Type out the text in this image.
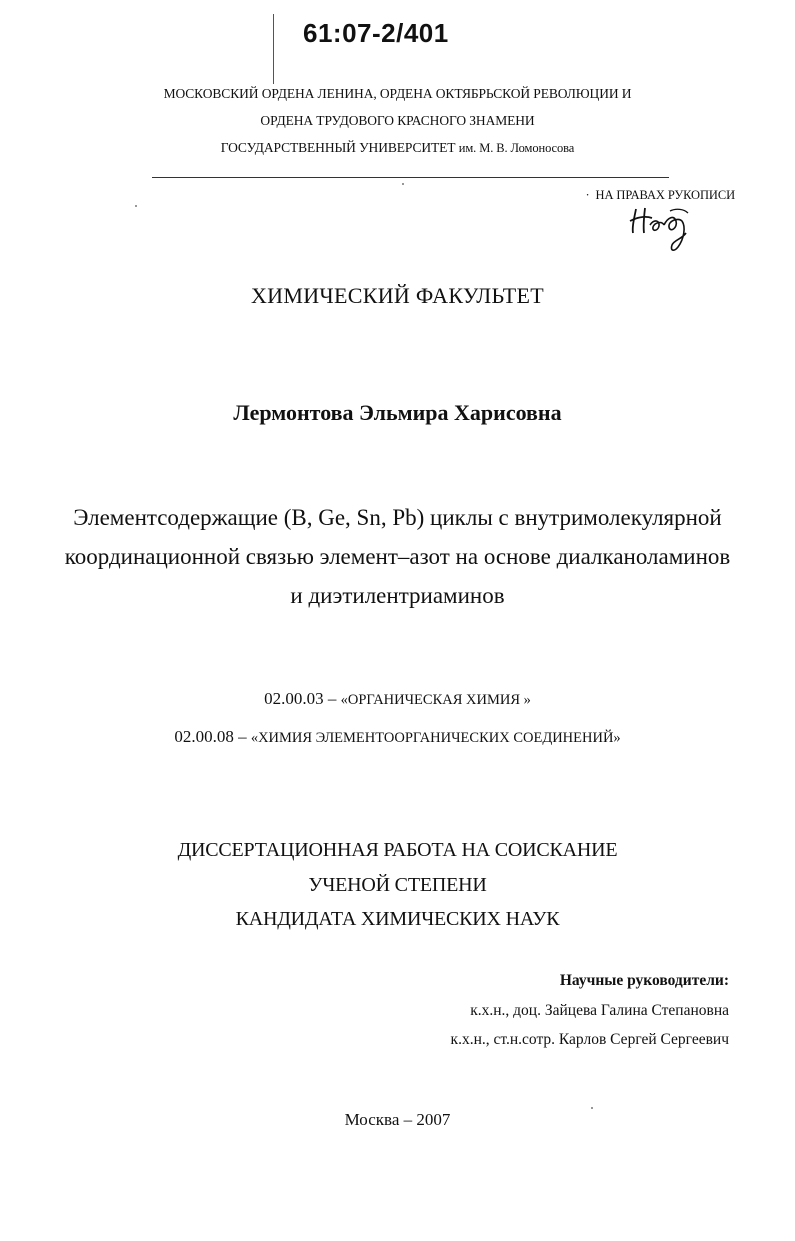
61:07-2/401
МОСКОВСКИЙ ОРДЕНА ЛЕНИНА, ОРДЕНА ОКТЯБРЬСКОЙ РЕВОЛЮЦИИ И
ОРДЕНА ТРУДОВОГО КРАСНОГО ЗНАМЕНИ
ГОСУДАРСТВЕННЫЙ УНИВЕРСИТЕТ им. М. В. Ломоносова
· НА ПРАВАХ РУКОПИСИ
ХИМИЧЕСКИЙ ФАКУЛЬТЕТ
Лермонтова Эльмира Харисовна
Элементсодержащие (B, Ge, Sn, Pb) циклы с внутримолекулярной
координационной связью элемент–азот на основе диалканоламинов
и диэтилентриаминов
02.00.03 – «ОРГАНИЧЕСКАЯ ХИМИЯ »
02.00.08 – «ХИМИЯ ЭЛЕМЕНТООРГАНИЧЕСКИХ СОЕДИНЕНИЙ»
ДИССЕРТАЦИОННАЯ РАБОТА НА СОИСКАНИЕ
УЧЕНОЙ СТЕПЕНИ
КАНДИДАТА ХИМИЧЕСКИХ НАУК
Научные руководители:
к.х.н., доц. Зайцева Галина Степановна
к.х.н., ст.н.сотр. Карлов Сергей Сергеевич
Москва – 2007
